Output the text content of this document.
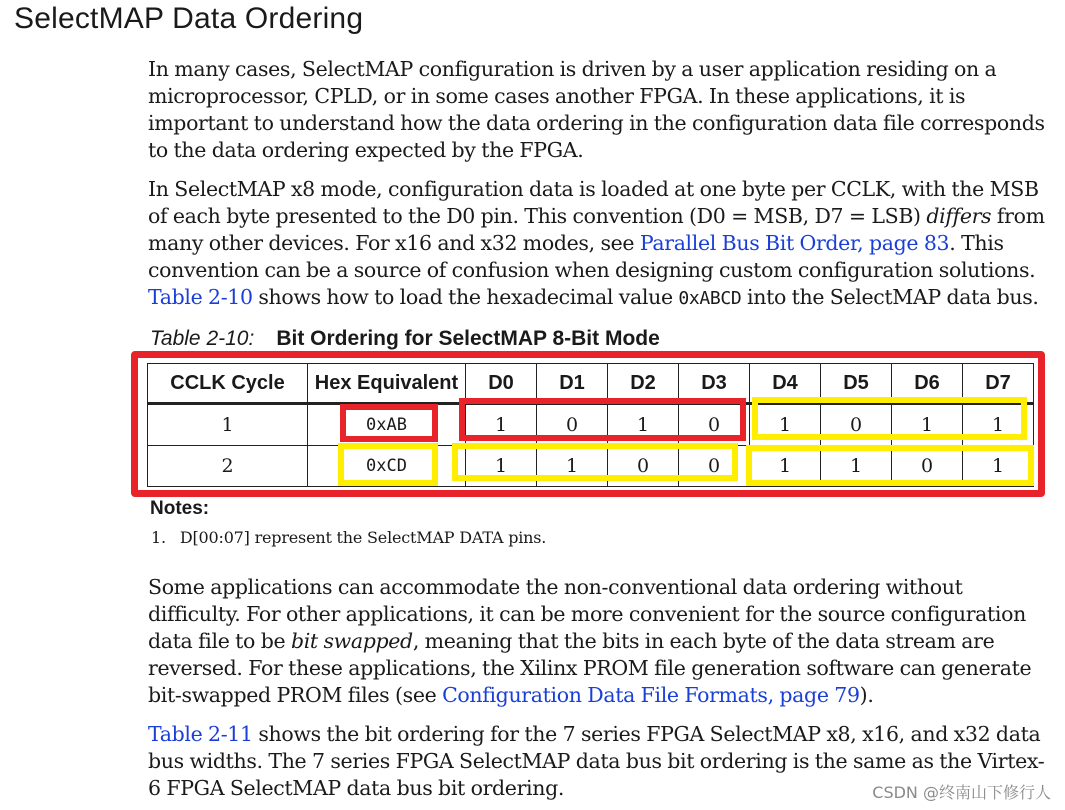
SelectMAP Data Ordering

In many cases, SelectMAP configuration is driven by a user application residing on a microprocessor, CPLD, or in some cases another FPGA. In these applications, it is important to understand how the data ordering in the configuration data file corresponds to the data ordering expected by the FPGA.

In SelectMAP x8 mode, configuration data is loaded at one byte per CCLK, with the MSB of each byte presented to the D0 pin. This convention (D0 = MSB, D7 = LSB) differs from many other devices. For x16 and x32 modes, see Parallel Bus Bit Order, page 83. This convention can be a source of confusion when designing custom configuration solutions. Table 2-10 shows how to load the hexadecimal value 0xABCD into the SelectMAP data bus.

Table 2-10: Bit Ordering for SelectMAP 8-Bit Mode

CCLK Cycle	Hex Equivalent	D0	D1	D2	D3	D4	D5	D6	D7
1	0xAB	1	0	1	0	1	0	1	1
2	0xCD	1	1	0	0	1	1	0	1

Notes:

1. D[00:07] represent the SelectMAP DATA pins.

Some applications can accommodate the non-conventional data ordering without difficulty. For other applications, it can be more convenient for the source configuration data file to be bit swapped, meaning that the bits in each byte of the data stream are reversed. For these applications, the Xilinx PROM file generation software can generate bit-swapped PROM files (see Configuration Data File Formats, page 79).

Table 2-11 shows the bit ordering for the 7 series FPGA SelectMAP x8, x16, and x32 data bus widths. The 7 series FPGA SelectMAP data bus bit ordering is the same as the Virtex-6 FPGA SelectMAP data bus bit ordering.	CSDN @终南山下修行人
